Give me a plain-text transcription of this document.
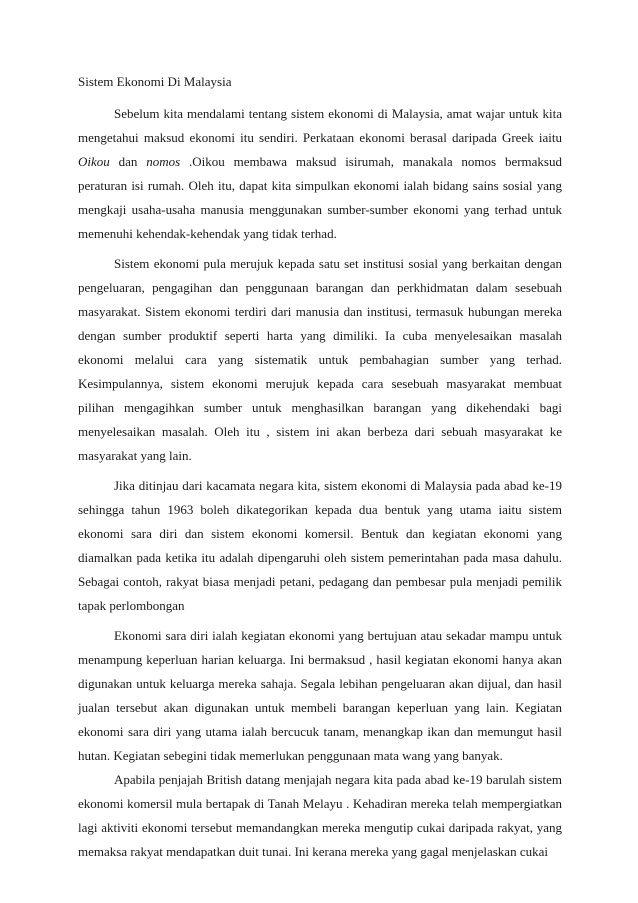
Sistem Ekonomi Di Malaysia

Sebelum kita mendalami tentang sistem ekonomi di Malaysia, amat wajar untuk kita mengetahui maksud ekonomi itu sendiri. Perkataan ekonomi berasal daripada Greek iaitu Oikou dan nomos .Oikou membawa maksud isirumah, manakala nomos bermaksud peraturan isi rumah. Oleh itu, dapat kita simpulkan ekonomi ialah bidang sains sosial yang mengkaji usaha-usaha manusia menggunakan sumber-sumber ekonomi yang terhad untuk memenuhi kehendak-kehendak yang tidak terhad.

Sistem ekonomi pula merujuk kepada satu set institusi sosial yang berkaitan dengan pengeluaran, pengagihan dan penggunaan barangan dan perkhidmatan dalam sesebuah masyarakat. Sistem ekonomi terdiri dari manusia dan institusi, termasuk hubungan mereka dengan sumber produktif seperti harta yang dimiliki. Ia cuba menyelesaikan masalah ekonomi melalui cara yang sistematik untuk pembahagian sumber yang terhad. Kesimpulannya, sistem ekonomi merujuk kepada cara sesebuah masyarakat membuat pilihan mengagihkan sumber untuk menghasilkan barangan yang dikehendaki bagi menyelesaikan masalah. Oleh itu , sistem ini akan berbeza dari sebuah masyarakat ke masyarakat yang lain.

Jika ditinjau dari kacamata negara kita, sistem ekonomi di Malaysia pada abad ke-19 sehingga tahun 1963 boleh dikategorikan kepada dua bentuk yang utama iaitu sistem ekonomi sara diri dan sistem ekonomi komersil. Bentuk dan kegiatan ekonomi yang diamalkan pada ketika itu adalah dipengaruhi oleh sistem pemerintahan pada masa dahulu. Sebagai contoh, rakyat biasa menjadi petani, pedagang dan pembesar pula menjadi pemilik tapak perlombongan

Ekonomi sara diri ialah kegiatan ekonomi yang bertujuan atau sekadar mampu untuk menampung keperluan harian keluarga. Ini bermaksud , hasil kegiatan ekonomi hanya akan digunakan untuk keluarga mereka sahaja. Segala lebihan pengeluaran akan dijual, dan hasil jualan tersebut akan digunakan untuk membeli barangan keperluan yang lain. Kegiatan ekonomi sara diri yang utama ialah bercucuk tanam, menangkap ikan dan memungut hasil hutan. Kegiatan sebegini tidak memerlukan penggunaan mata wang yang banyak.

Apabila penjajah British datang menjajah negara kita pada abad ke-19 barulah sistem ekonomi komersil mula bertapak di Tanah Melayu . Kehadiran mereka telah mempergiatkan lagi aktiviti ekonomi tersebut memandangkan mereka mengutip cukai daripada rakyat, yang memaksa rakyat mendapatkan duit tunai. Ini kerana mereka yang gagal menjelaskan cukai
